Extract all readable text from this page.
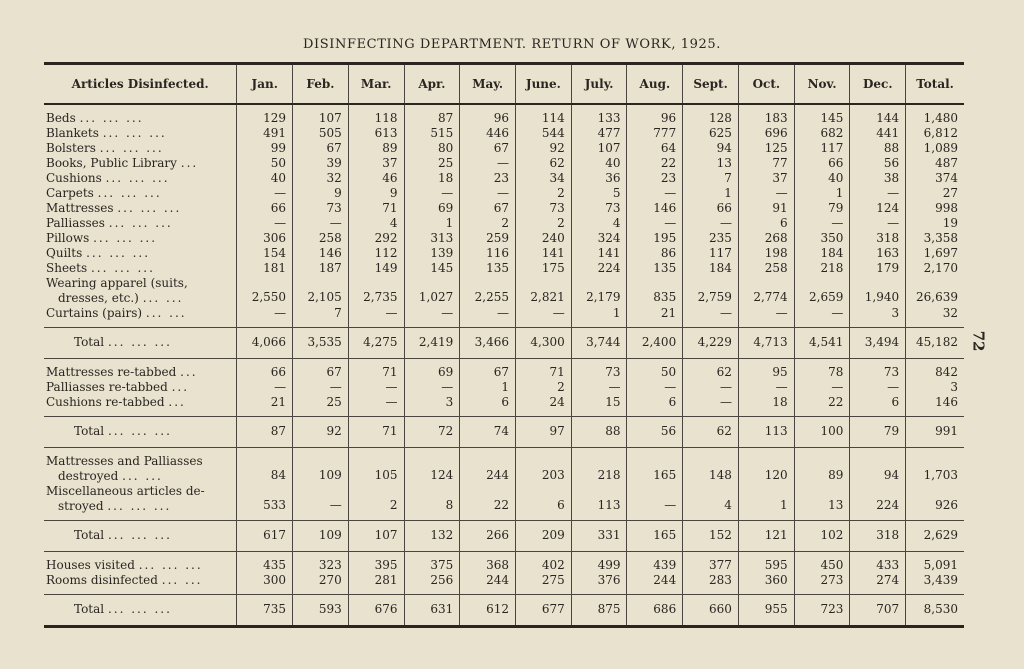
DISINFECTING DEPARTMENT. RETURN OF WORK, 1925.
72
Articles Disinfected.	Jan.	Feb.	Mar.	Apr.	May.	June.	July.	Aug.	Sept.	Oct.	Nov.	Dec.	Total.

Beds ... ... ...	129	107	118	87	96	114	133	96	128	183	145	144	1,480
Blankets ... ... ...	491	505	613	515	446	544	477	777	625	696	682	441	6,812
Bolsters ... ... ...	99	67	89	80	67	92	107	64	94	125	117	88	1,089
Books, Public Library ...	50	39	37	25	—	62	40	22	13	77	66	56	487
Cushions ... ... ...	40	32	46	18	23	34	36	23	7	37	40	38	374
Carpets ... ... ...	—	9	9	—	—	2	5	—	1	—	1	—	27
Mattresses ... ... ...	66	73	71	69	67	73	73	146	66	91	79	124	998
Palliasses ... ... ...	—	—	4	1	2	2	4	—	—	6	—	—	19
Pillows ... ... ...	306	258	292	313	259	240	324	195	235	268	350	318	3,358
Quilts ... ... ...	154	146	112	139	116	141	141	86	117	198	184	163	1,697
Sheets ... ... ...	181	187	149	145	135	175	224	135	184	258	218	179	2,170
Wearing apparel (suits,
dresses, etc.) ... ...	2,550	2,105	2,735	1,027	2,255	2,821	2,179	835	2,759	2,774	2,659	1,940	26,639
Curtains (pairs) ... ...	—	7	—	—	—	—	1	21	—	—	—	3	32

Total ... ... ...	4,066	3,535	4,275	2,419	3,466	4,300	3,744	2,400	4,229	4,713	4,541	3,494	45,182

Mattresses re-tabbed ...	66	67	71	69	67	71	73	50	62	95	78	73	842
Palliasses re-tabbed ...	—	—	—	—	1	2	—	—	—	—	—	—	3
Cushions re-tabbed ...	21	25	—	3	6	24	15	6	—	18	22	6	146

Total ... ... ...	87	92	71	72	74	97	88	56	62	113	100	79	991

Mattresses and Palliasses
destroyed ... ...	84	109	105	124	244	203	218	165	148	120	89	94	1,703
Miscellaneous articles de-
stroyed ... ... ...	533	—	2	8	22	6	113	—	4	1	13	224	926

Total ... ... ...	617	109	107	132	266	209	331	165	152	121	102	318	2,629

Houses visited ... ... ...	435	323	395	375	368	402	499	439	377	595	450	433	5,091
Rooms disinfected ... ...	300	270	281	256	244	275	376	244	283	360	273	274	3,439

Total ... ... ...	735	593	676	631	612	677	875	686	660	955	723	707	8,530
